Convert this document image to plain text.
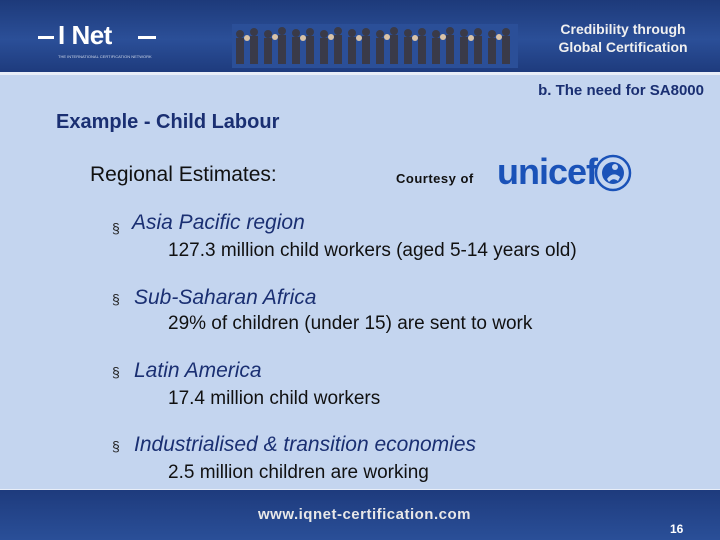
I Net
THE INTERNATIONAL CERTIFICATION NETWORK
Credibility through
Global Certification
b. The need for SA8000
Example - Child Labour
Regional Estimates:	Courtesy of unicef
§ Asia Pacific region
127.3 million child workers (aged 5-14 years old)
§ Sub-Saharan Africa
29% of children (under 15) are sent to work
§ Latin America
17.4 million child workers
§ Industrialised & transition economies
2.5 million children are working
www.iqnet-certification.com
16
